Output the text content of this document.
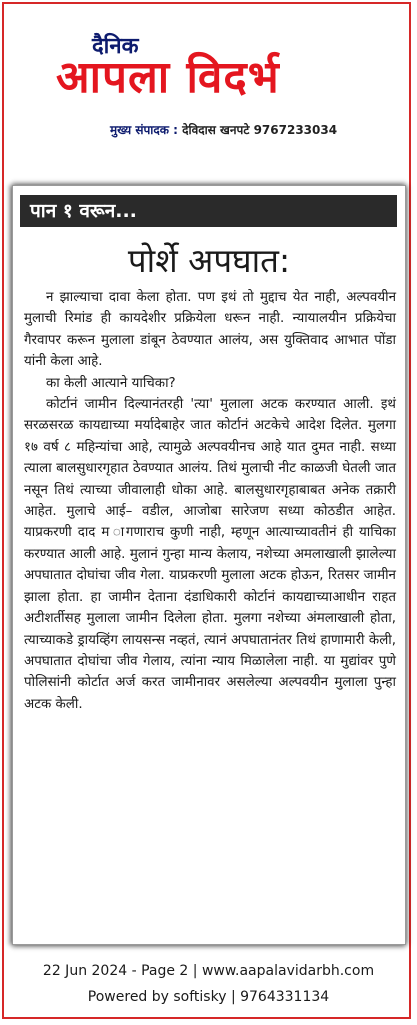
दैनिक
आपला विदर्भ
मुख्य संपादक : देविदास खनपटे 9767233034
पान १ वरून...
पोर्शे अपघात:

न झाल्याचा दावा केला होता. पण इथं तो मुद्दाच येत नाही, अल्पवयीन मुलाची रिमांड ही कायदेशीर प्रक्रियेला धरून नाही. न्यायालयीन प्रक्रियेचा गैरवापर करून मुलाला डांबून ठेवण्यात आलंय, अस युक्तिवाद आभात पोंडा यांनी केला आहे.

का केली आत्याने याचिका?

कोर्टानं जामीन दिल्यानंतरही 'त्या' मुलाला अटक करण्यात आली. इथं सरळसरळ कायद्याच्या मर्यादेबाहेर जात कोर्टानं अटकेचे आदेश दिलेत. मुलगा १७ वर्ष ८ महिन्यांचा आहे, त्यामुळे अल्पवयीनच आहे यात दुमत नाही. सध्या त्याला बालसुधारगृहात ठेवण्यात आलंय. तिथं मुलाची नीट काळजी घेतली जात नसून तिथं त्याच्या जीवालाही धोका आहे. बालसुधारगृहाबाबत अनेक तक्रारी आहेत. मुलाचे आई– वडील, आजोबा सारेजण सध्या कोठडीत आहेत. याप्रकरणी दाद म ागणाराच कुणी नाही, म्हणून आत्याच्यावतीनं ही याचिका करण्यात आली आहे. मुलानं गुन्हा मान्य केलाय, नशेच्या अमलाखाली झालेल्या अपघातात दोघांचा जीव गेला. याप्रकरणी मुलाला अटक होऊन, रितसर जामीन झाला होता. हा जामीन देताना दंडाधिकारी कोर्टानं कायद्याच्याआधीन राहत अटीशर्तीसह मुलाला जामीन दिलेला होता. मुलगा नशेच्या अंमलाखाली होता, त्याच्याकडे ड्रायव्हिंग लायसन्स नव्हतं, त्यानं अपघातानंतर तिथं हाणामारी केली, अपघातात दोघांचा जीव गेलाय, त्यांना न्याय मिळालेला नाही. या मुद्यांवर पुणे पोलिसांनी कोर्टात अर्ज करत जामीनावर असलेल्या अल्पवयीन मुलाला पुन्हा अटक केली.

22 Jun 2024 - Page 2 | www.aapalavidarbh.com
Powered by softisky | 9764331134
